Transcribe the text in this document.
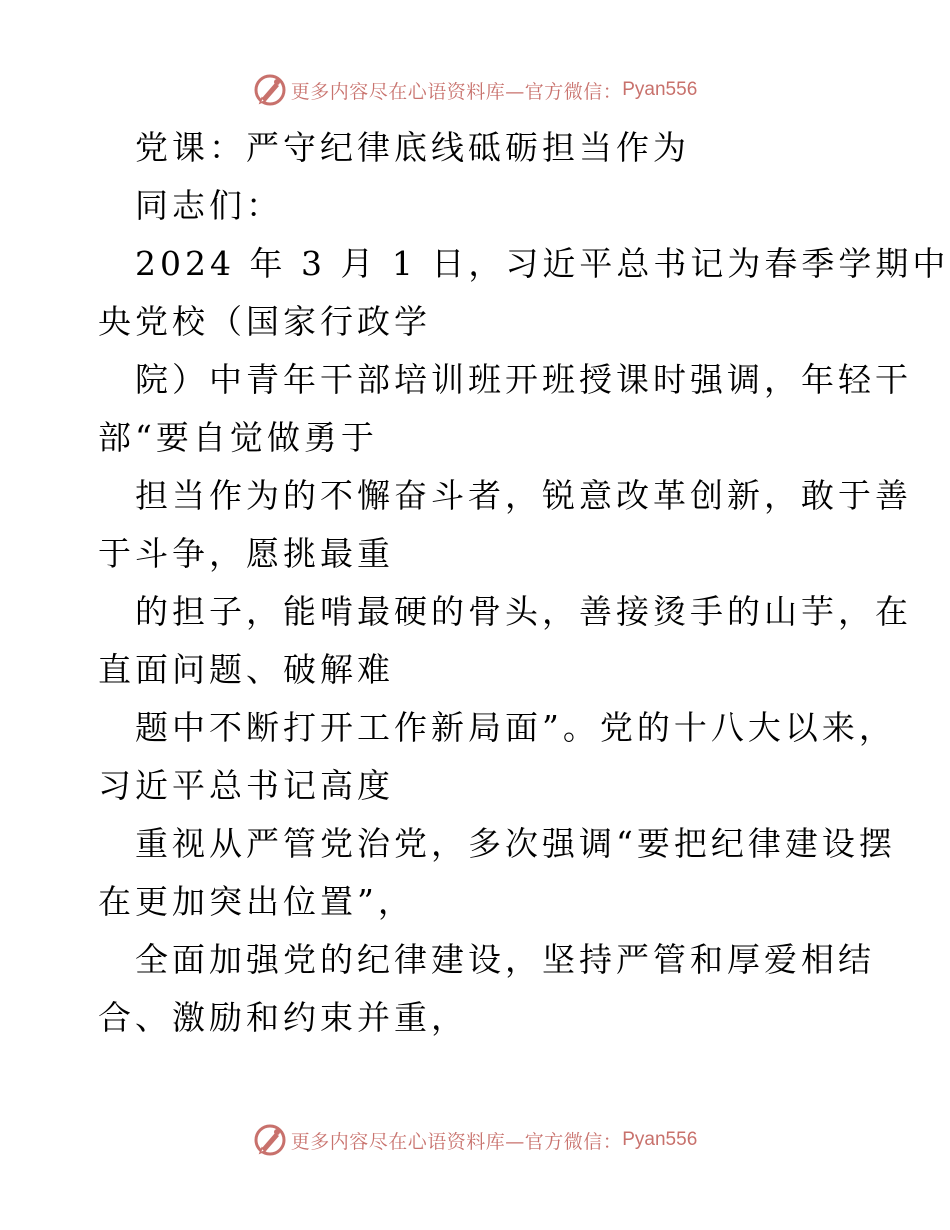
更多内容尽在心语资料库—官方微信： Pyan556
党课：严守纪律底线砥砺担当作为
同志们：
2024 年 3 月 1 日，习近平总书记为春季学期中
央党校（国家行政学
院）中青年干部培训班开班授课时强调，年轻干
部“要自觉做勇于
担当作为的不懈奋斗者，锐意改革创新，敢于善
于斗争，愿挑最重
的担子，能啃最硬的骨头，善接烫手的山芋，在
直面问题、破解难
题中不断打开工作新局面”。党的十八大以来，
习近平总书记高度
重视从严管党治党，多次强调“要把纪律建设摆
在更加突出位置”，
全面加强党的纪律建设，坚持严管和厚爱相结
合、激励和约束并重，
更多内容尽在心语资料库—官方微信： Pyan556
